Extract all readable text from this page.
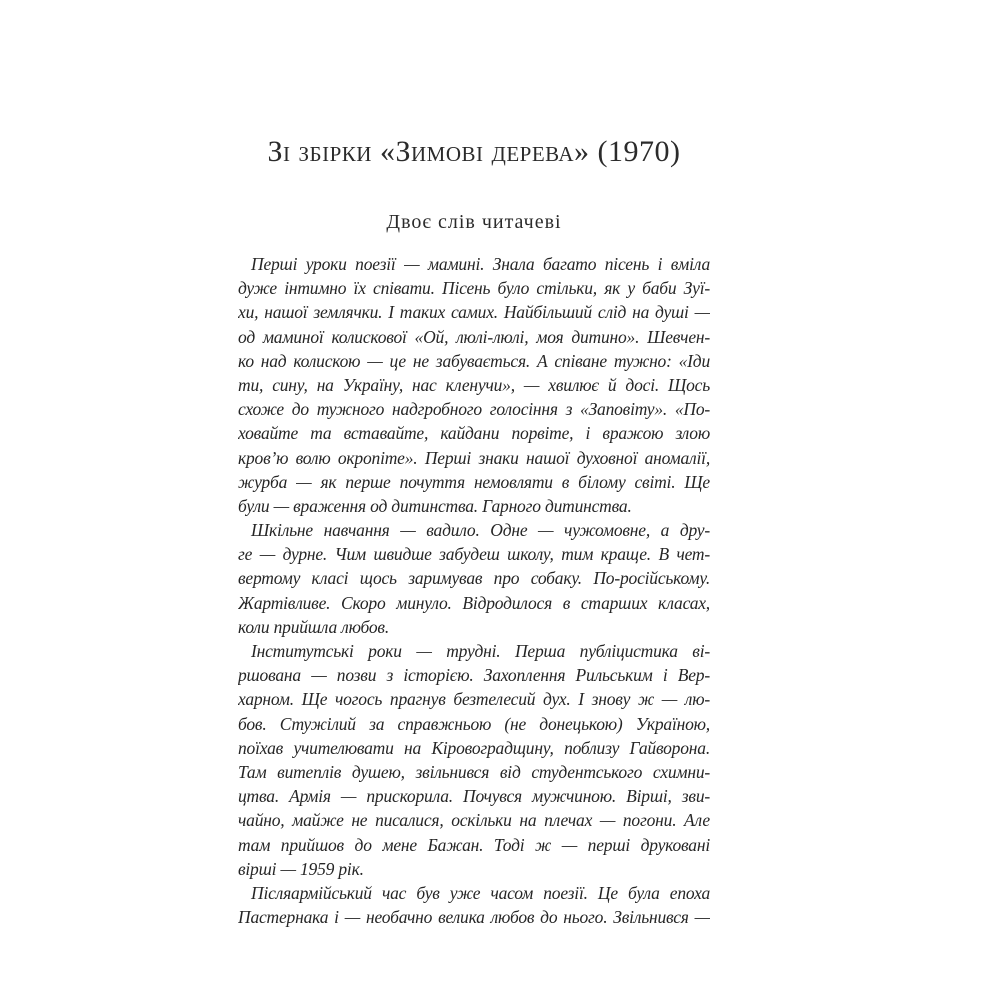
Зі збірки «Зимові дерева» (1970)
Двоє слів читачеві
Перші уроки поезії — мамині. Знала багато пісень і вміла
дуже інтимно їх співати. Пісень було стільки, як у баби Зуї-
хи, нашої землячки. І таких самих. Найбільший слід на душі —
од маминої колискової «Ой, люлі-люлі, моя дитино». Шевчен-
ко над колискою — це не забувається. А співане тужно: «Іди
ти, сину, на Україну, нас кленучи», — хвилює й досі. Щось
схоже до тужного надгробного голосіння з «Заповіту». «По-
ховайте та вставайте, кайдани порвіте, і вражою злою
кров’ю волю окропіте». Перші знаки нашої духовної аномалії,
журба — як перше почуття немовляти в білому світі. Ще
були — враження од дитинства. Гарного дитинства.
Шкільне навчання — вадило. Одне — чужомовне, а дру-
ге — дурне. Чим швидше забудеш школу, тим краще. В чет-
вертому класі щось заримував про собаку. По-російському.
Жартівливе. Скоро минуло. Відродилося в старших класах,
коли прийшла любов.
Інститутські роки — трудні. Перша публіцистика ві-
ршована — позви з історією. Захоплення Рильським і Вер-
харном. Ще чогось прагнув безтелесий дух. І знову ж — лю-
бов. Стужілий за справжньою (не донецькою) Україною,
поїхав учителювати на Кіровоградщину, поблизу Гайворона.
Там витеплів душею, звільнився від студентського схимни-
цтва. Армія — прискорила. Почувся мужчиною. Вірші, зви-
чайно, майже не писалися, оскільки на плечах — погони. Але
там прийшов до мене Бажан. Тоді ж — перші друковані
вірші — 1959 рік.
Післяармійський час був уже часом поезії. Це була епоха
Пастернака і — необачно велика любов до нього. Звільнився —
